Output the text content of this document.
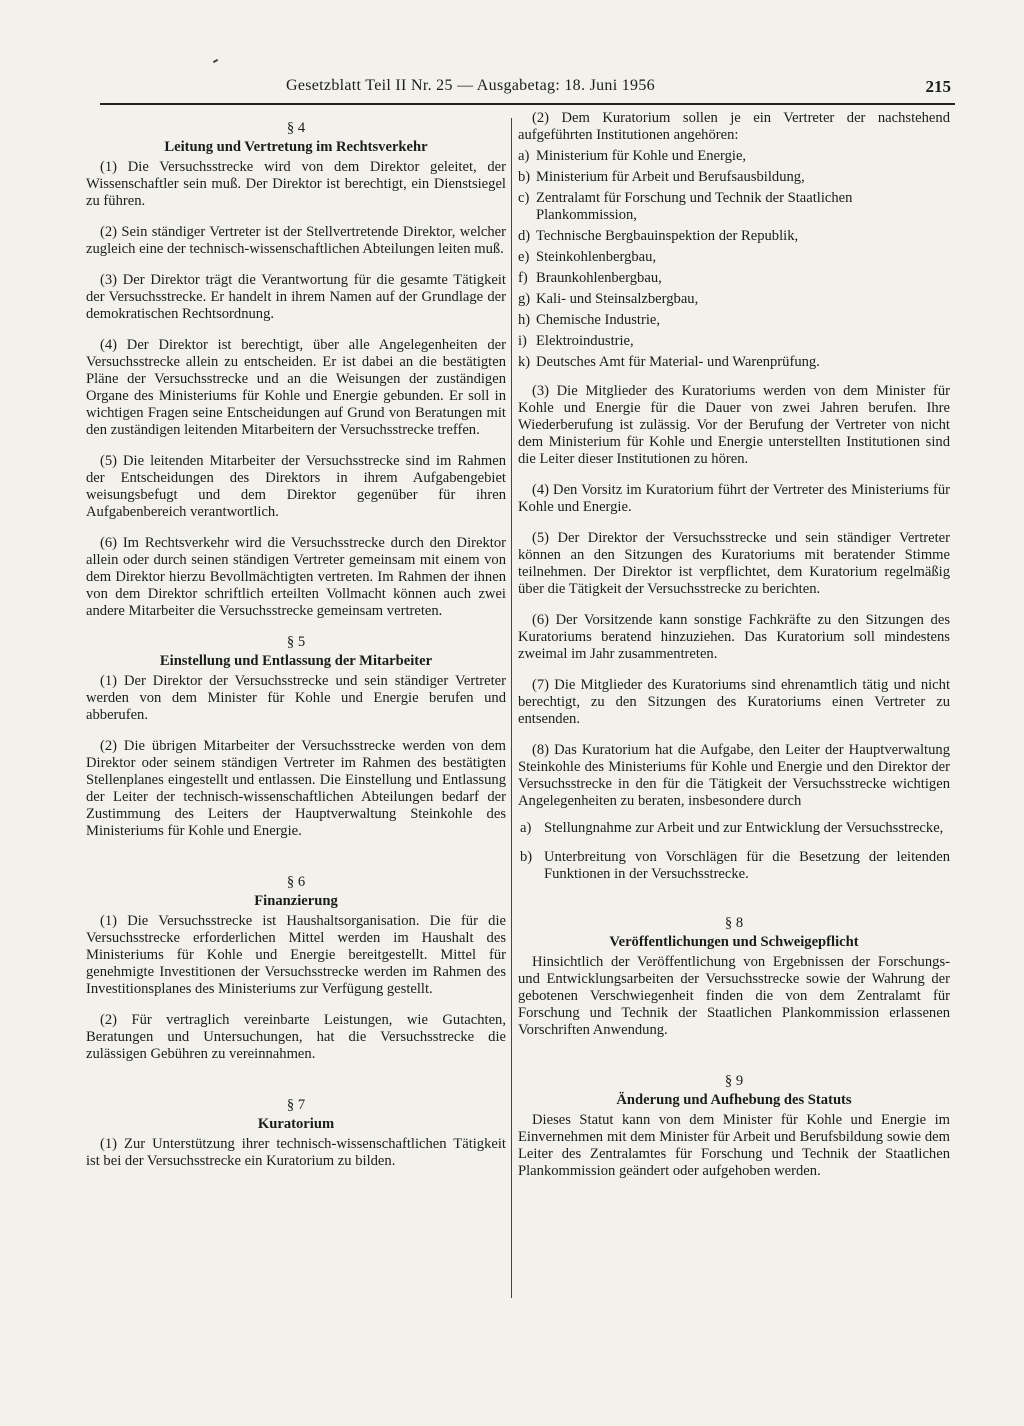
Gesetzblatt Teil II Nr. 25 — Ausgabetag: 18. Juni 1956	215
§ 4
Leitung und Vertretung im Rechtsverkehr

(1) Die Versuchsstrecke wird von dem Direktor geleitet, der Wissenschaftler sein muß. Der Direktor ist berechtigt, ein Dienstsiegel zu führen.

(2) Sein ständiger Vertreter ist der Stellvertretende Direktor, welcher zugleich eine der technisch-wissenschaftlichen Abteilungen leiten muß.

(3) Der Direktor trägt die Verantwortung für die gesamte Tätigkeit der Versuchsstrecke. Er handelt in ihrem Namen auf der Grundlage der demokratischen Rechtsordnung.

(4) Der Direktor ist berechtigt, über alle Angelegenheiten der Versuchsstrecke allein zu entscheiden. Er ist dabei an die bestätigten Pläne der Versuchsstrecke und an die Weisungen der zuständigen Organe des Ministeriums für Kohle und Energie gebunden. Er soll in wichtigen Fragen seine Entscheidungen auf Grund von Beratungen mit den zuständigen leitenden Mitarbeitern der Versuchsstrecke treffen.

(5) Die leitenden Mitarbeiter der Versuchsstrecke sind im Rahmen der Entscheidungen des Direktors in ihrem Aufgabengebiet weisungsbefugt und dem Direktor gegenüber für ihren Aufgabenbereich verantwortlich.

(6) Im Rechtsverkehr wird die Versuchsstrecke durch den Direktor allein oder durch seinen ständigen Vertreter gemeinsam mit einem von dem Direktor hierzu Bevollmächtigten vertreten. Im Rahmen der ihnen von dem Direktor schriftlich erteilten Vollmacht können auch zwei andere Mitarbeiter die Versuchsstrecke gemeinsam vertreten.

§ 5
Einstellung und Entlassung der Mitarbeiter

(1) Der Direktor der Versuchsstrecke und sein ständiger Vertreter werden von dem Minister für Kohle und Energie berufen und abberufen.

(2) Die übrigen Mitarbeiter der Versuchsstrecke werden von dem Direktor oder seinem ständigen Vertreter im Rahmen des bestätigten Stellenplanes eingestellt und entlassen. Die Einstellung und Entlassung der Leiter der technisch-wissenschaftlichen Abteilungen bedarf der Zustimmung des Leiters der Hauptverwaltung Steinkohle des Ministeriums für Kohle und Energie.

§ 6
Finanzierung

(1) Die Versuchsstrecke ist Haushaltsorganisation. Die für die Versuchsstrecke erforderlichen Mittel werden im Haushalt des Ministeriums für Kohle und Energie bereitgestellt. Mittel für genehmigte Investitionen der Versuchsstrecke werden im Rahmen des Investitionsplanes des Ministeriums zur Verfügung gestellt.

(2) Für vertraglich vereinbarte Leistungen, wie Gutachten, Beratungen und Untersuchungen, hat die Versuchsstrecke die zulässigen Gebühren zu vereinnahmen.

§ 7
Kuratorium

(1) Zur Unterstützung ihrer technisch-wissenschaftlichen Tätigkeit ist bei der Versuchsstrecke ein Kuratorium zu bilden.

(2) Dem Kuratorium sollen je ein Vertreter der nachstehend aufgeführten Institutionen angehören:

a) Ministerium für Kohle und Energie,
b) Ministerium für Arbeit und Berufsausbildung,
c) Zentralamt für Forschung und Technik der Staatlichen Plankommission,
d) Technische Bergbauinspektion der Republik,
e) Steinkohlenbergbau,
f) Braunkohlenbergbau,
g) Kali- und Steinsalzbergbau,
h) Chemische Industrie,
i) Elektroindustrie,
k) Deutsches Amt für Material- und Warenprüfung.

(3) Die Mitglieder des Kuratoriums werden von dem Minister für Kohle und Energie für die Dauer von zwei Jahren berufen. Ihre Wiederberufung ist zulässig. Vor der Berufung der Vertreter von nicht dem Ministerium für Kohle und Energie unterstellten Institutionen sind die Leiter dieser Institutionen zu hören.

(4) Den Vorsitz im Kuratorium führt der Vertreter des Ministeriums für Kohle und Energie.

(5) Der Direktor der Versuchsstrecke und sein ständiger Vertreter können an den Sitzungen des Kuratoriums mit beratender Stimme teilnehmen. Der Direktor ist verpflichtet, dem Kuratorium regelmäßig über die Tätigkeit der Versuchsstrecke zu berichten.

(6) Der Vorsitzende kann sonstige Fachkräfte zu den Sitzungen des Kuratoriums beratend hinzuziehen. Das Kuratorium soll mindestens zweimal im Jahr zusammentreten.

(7) Die Mitglieder des Kuratoriums sind ehrenamtlich tätig und nicht berechtigt, zu den Sitzungen des Kuratoriums einen Vertreter zu entsenden.

(8) Das Kuratorium hat die Aufgabe, den Leiter der Hauptverwaltung Steinkohle des Ministeriums für Kohle und Energie und den Direktor der Versuchsstrecke in den für die Tätigkeit der Versuchsstrecke wichtigen Angelegenheiten zu beraten, insbesondere durch

a) Stellungnahme zur Arbeit und zur Entwicklung der Versuchsstrecke,
b) Unterbreitung von Vorschlägen für die Besetzung der leitenden Funktionen in der Versuchsstrecke.
§ 8
Veröffentlichungen und Schweigepflicht

Hinsichtlich der Veröffentlichung von Ergebnissen der Forschungs- und Entwicklungsarbeiten der Versuchsstrecke sowie der Wahrung der gebotenen Verschwiegenheit finden die von dem Zentralamt für Forschung und Technik der Staatlichen Plankommission erlassenen Vorschriften Anwendung.

§ 9
Änderung und Aufhebung des Statuts

Dieses Statut kann von dem Minister für Kohle und Energie im Einvernehmen mit dem Minister für Arbeit und Berufsbildung sowie dem Leiter des Zentralamtes für Forschung und Technik der Staatlichen Plankommission geändert oder aufgehoben werden.
